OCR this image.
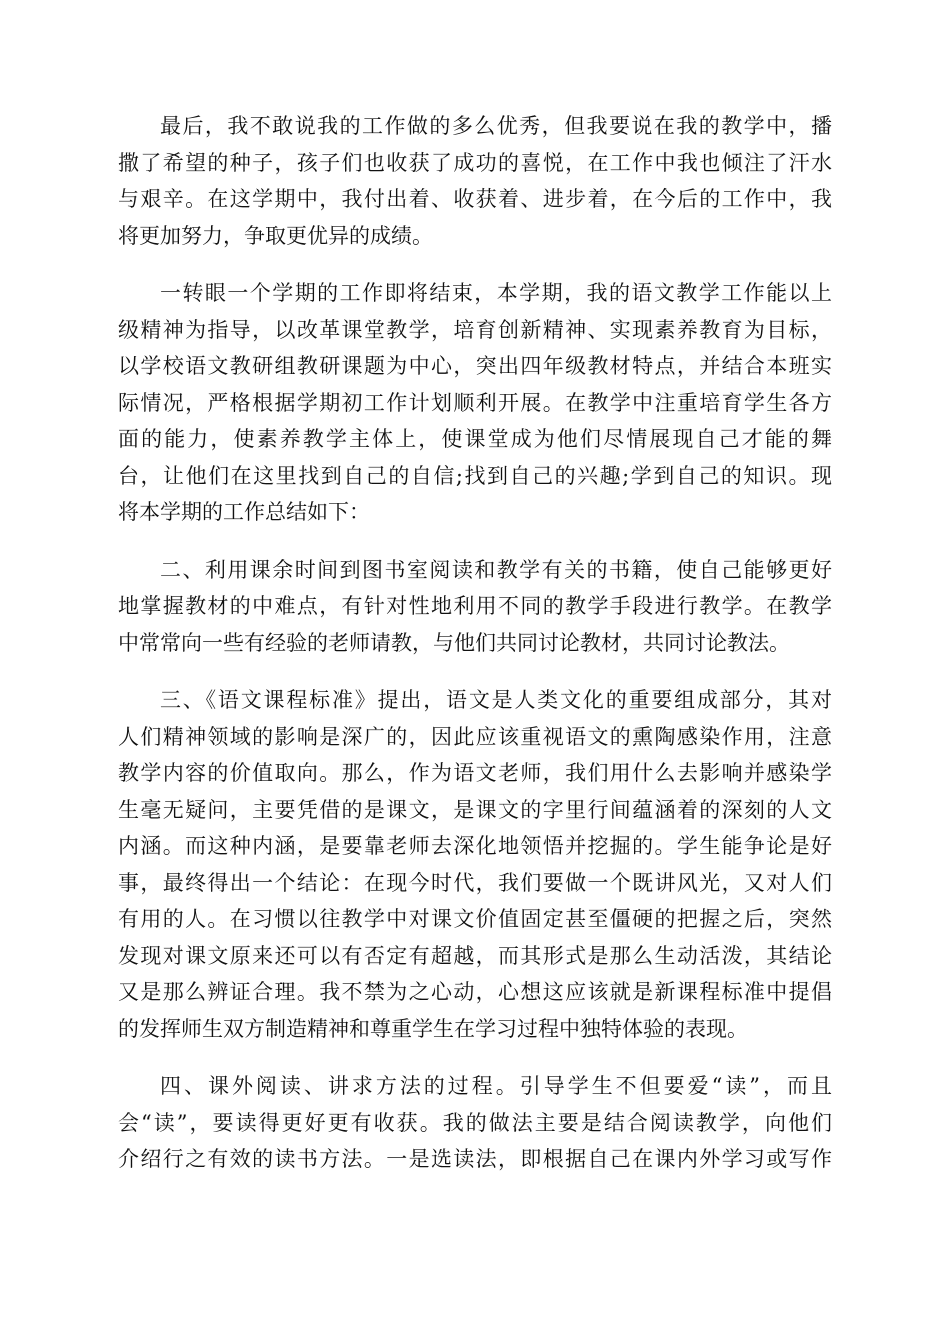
最后，我不敢说我的工作做的多么优秀，但我要说在我的教学中，播
撒了希望的种子，孩子们也收获了成功的喜悦，在工作中我也倾注了汗水
与艰辛。在这学期中，我付出着、收获着、进步着，在今后的工作中，我
将更加努力，争取更优异的成绩。
一转眼一个学期的工作即将结束，本学期，我的语文教学工作能以上
级精神为指导，以改革课堂教学，培育创新精神、实现素养教育为目标，
以学校语文教研组教研课题为中心，突出四年级教材特点，并结合本班实
际情况，严格根据学期初工作计划顺利开展。在教学中注重培育学生各方
面的能力，使素养教学主体上，使课堂成为他们尽情展现自己才能的舞
台，让他们在这里找到自己的自信;找到自己的兴趣;学到自己的知识。现
将本学期的工作总结如下：
二、利用课余时间到图书室阅读和教学有关的书籍，使自己能够更好
地掌握教材的中难点，有针对性地利用不同的教学手段进行教学。在教学
中常常向一些有经验的老师请教，与他们共同讨论教材，共同讨论教法。
三、《语文课程标准》提出，语文是人类文化的重要组成部分，其对
人们精神领域的影响是深广的，因此应该重视语文的熏陶感染作用，注意
教学内容的价值取向。那么，作为语文老师，我们用什么去影响并感染学
生毫无疑问，主要凭借的是课文，是课文的字里行间蕴涵着的深刻的人文
内涵。而这种内涵，是要靠老师去深化地领悟并挖掘的。学生能争论是好
事，最终得出一个结论：在现今时代，我们要做一个既讲风光，又对人们
有用的人。在习惯以往教学中对课文价值固定甚至僵硬的把握之后，突然
发现对课文原来还可以有否定有超越，而其形式是那么生动活泼，其结论
又是那么辨证合理。我不禁为之心动，心想这应该就是新课程标准中提倡
的发挥师生双方制造精神和尊重学生在学习过程中独特体验的表现。
四、课外阅读、讲求方法的过程。引导学生不但要爱“读”，而且
会“读”，要读得更好更有收获。我的做法主要是结合阅读教学，向他们
介绍行之有效的读书方法。一是选读法，即根据自己在课内外学习或写作
